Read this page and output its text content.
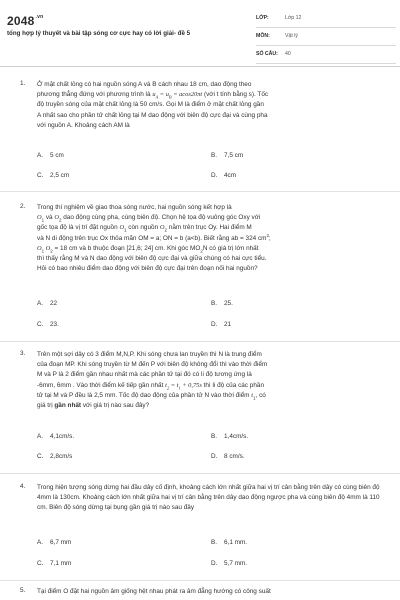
$2048^{.vn}$
tổng hợp lý thuyết và bài tập sóng cơ cực hay có lời giải- đề 5
LỚP:	Lớp 12
MÔN:	Vật lý
SỐ CÂU: 40
1. Ở mặt chất lỏng có hai nguồn sóng A và B cách nhau 18 cm, dao động theo
phương thẳng đứng với phương trình là $u_A = u_B = acos20\pi t$ (với t tính bằng s). Tốc
độ truyền sóng của mặt chất lỏng là 50 cm/s. Gọi M là điểm ở mặt chất lỏng gần
A nhất sao cho phần tử chất lỏng tại M dao động với biên độ cực đại và cùng pha
với nguồn A. Khoảng cách AM là
A. 5 cm	B. 7,5 cm
C. 2,5 cm	D. 4cm
2. Trong thí nghiệm về giao thoa sóng nước, hai nguồn sóng kết hợp là
$O_1$ và $O_2$ dao động cùng pha, cùng biên độ. Chọn hệ tọa độ vuông góc Oxy với
gốc tọa độ là vị trí đặt nguồn $O_1$ còn nguồn $O_2$ nằm trên trục Oy. Hai điểm M
và N di động trên trục Ox thỏa mãn OM = a; ON = b (a<b). Biết rằng ab = 324 $cm^2$;
$O_1$ $O_2 = 18$ cm và b thuộc đoạn [21,6; 24] cm. Khi góc $MO_2N$ có giá trị lớn nhất
thì thấy rằng M và N dao động với biên độ cực đại và giữa chúng có hai cực tiểu.
Hỏi có bao nhiêu điểm dao động với biên độ cực đại trên đoạn nối hai nguồn?
A. 22	B. 25.
C. 23.	D. 21
3. Trên một sợi dây có 3 điểm M,N,P. Khi sóng chưa lan truyền thì N là trung điểm
của đoạn MP. Khi sóng truyền từ M đến P với biên độ không đổi thì vào thời điểm
M và P là 2 điểm gần nhau nhất mà các phần tử tại đó có li độ tương ứng là
-6mm, 6mm . Vào thời điểm kế tiếp gần nhất $t_2 = t_1 + 0,75s$ thì li độ của các phần
tử tại M và P đều là 2,5 mm. Tốc độ dao động của phần tử N vào thời điểm $t_1$, có
giá trị gần nhất với giá trị nào sau đây?
A. 4,1cm/s.	B. 1,4cm/s.
C. 2,8cm/s	D. 8 cm/s.
4. Trong hiện tượng sóng dừng hai đầu dây cố định, khoảng cách lớn nhất giữa hai vị trí cân bằng trên dây có cùng biên độ 4mm là 130cm. Khoảng cách lớn nhất giữa hai vị trí cân bằng trên dây dao động ngược pha và cùng biên độ 4mm là 110 cm. Biên độ sóng dừng tại bụng gần giá trị nào sau đây
A. 6,7 mm	B. 6,1 mm.
C. 7,1 mm	D. 5,7 mm.
5. Tại điểm O đặt hai nguồn âm giống hệt nhau phát ra âm đẳng hướng có công suất
